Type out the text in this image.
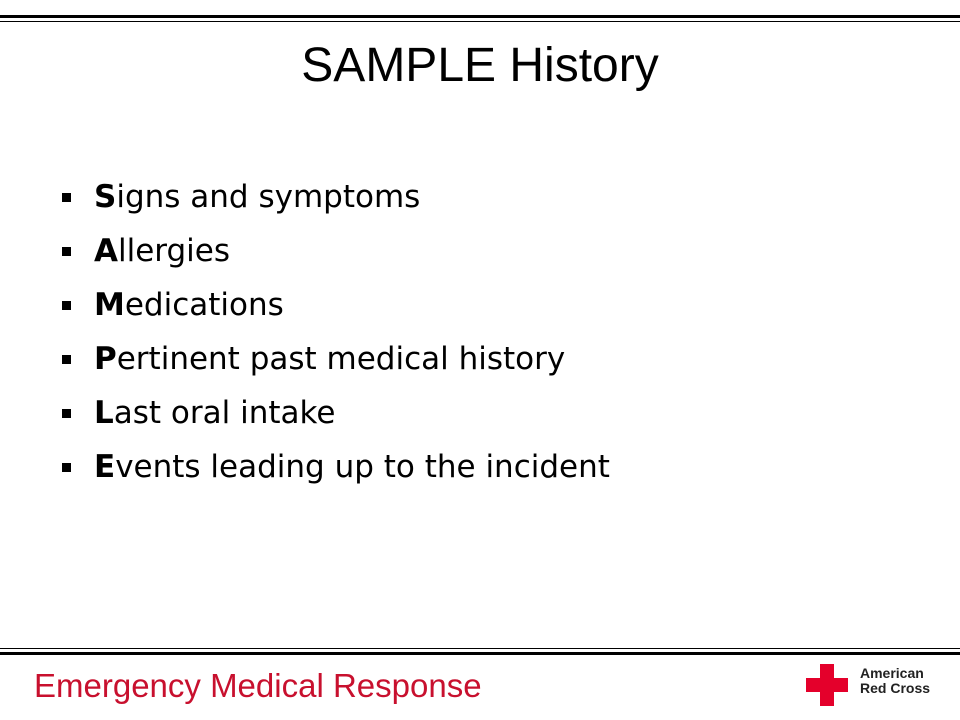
SAMPLE History
Signs and symptoms
Allergies
Medications
Pertinent past medical history
Last oral intake
Events leading up to the incident
Emergency Medical Response	American
Red Cross
